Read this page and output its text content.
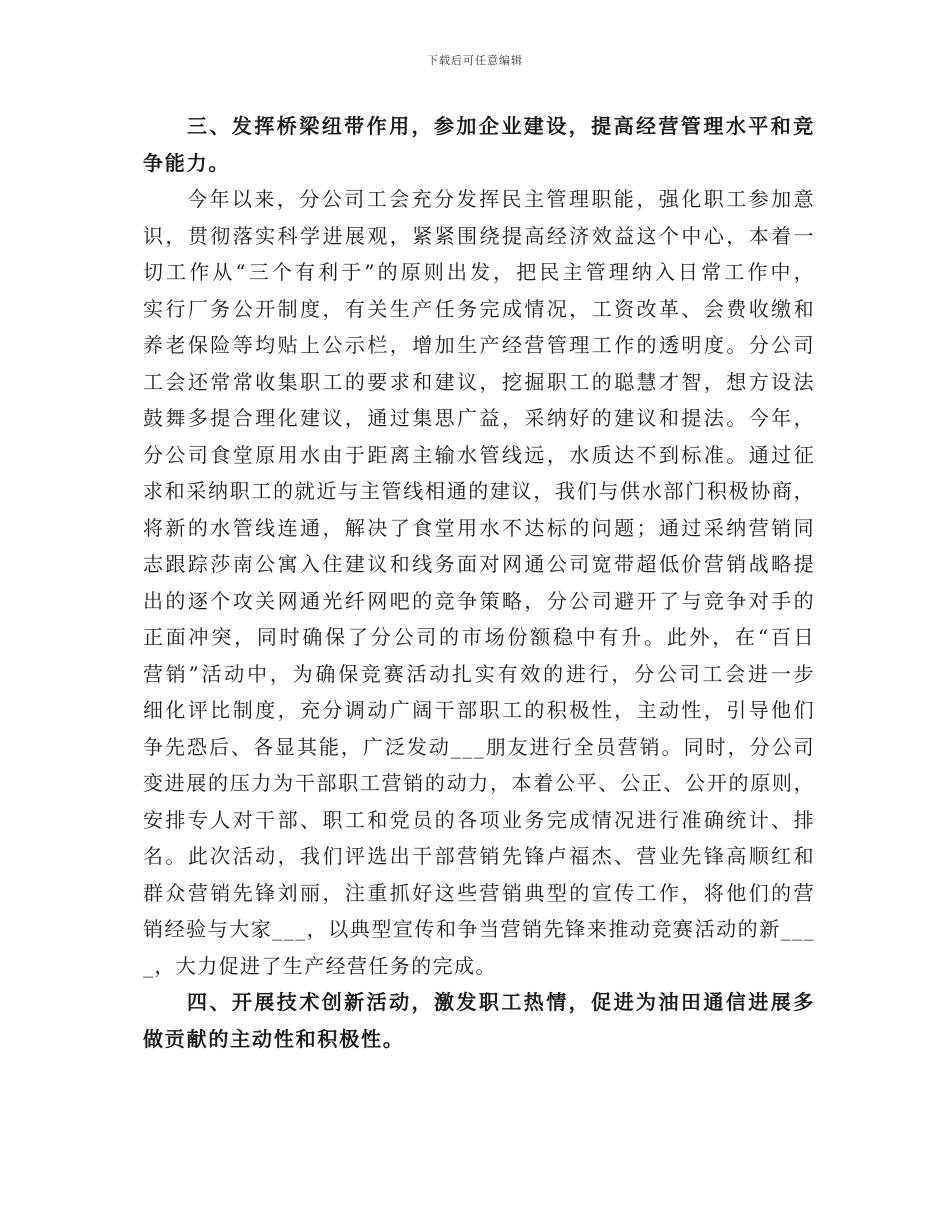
下载后可任意编辑
三、发挥桥梁纽带作用，参加企业建设，提高经营管理水平和竞
争能力。
今年以来，分公司工会充分发挥民主管理职能，强化职工参加意
识，贯彻落实科学进展观，紧紧围绕提高经济效益这个中心，本着一
切工作从“三个有利于”的原则出发，把民主管理纳入日常工作中，
实行厂务公开制度，有关生产任务完成情况，工资改革、会费收缴和
养老保险等均贴上公示栏，增加生产经营管理工作的透明度。分公司
工会还常常收集职工的要求和建议，挖掘职工的聪慧才智，想方设法
鼓舞多提合理化建议，通过集思广益，采纳好的建议和提法。今年，
分公司食堂原用水由于距离主输水管线远，水质达不到标准。通过征
求和采纳职工的就近与主管线相通的建议，我们与供水部门积极协商，
将新的水管线连通，解决了食堂用水不达标的问题；通过采纳营销同
志跟踪莎南公寓入住建议和线务面对网通公司宽带超低价营销战略提
出的逐个攻关网通光纤网吧的竞争策略，分公司避开了与竞争对手的
正面冲突，同时确保了分公司的市场份额稳中有升。此外，在“百日
营销”活动中，为确保竞赛活动扎实有效的进行，分公司工会进一步
细化评比制度，充分调动广阔干部职工的积极性，主动性，引导他们
争先恐后、各显其能，广泛发动___朋友进行全员营销。同时，分公司
变进展的压力为干部职工营销的动力，本着公平、公正、公开的原则，
安排专人对干部、职工和党员的各项业务完成情况进行准确统计、排
名。此次活动，我们评选出干部营销先锋卢福杰、营业先锋高顺红和
群众营销先锋刘丽，注重抓好这些营销典型的宣传工作，将他们的营
销经验与大家___，以典型宣传和争当营销先锋来推动竞赛活动的新___
_，大力促进了生产经营任务的完成。
四、开展技术创新活动，激发职工热情，促进为油田通信进展多
做贡献的主动性和积极性。
